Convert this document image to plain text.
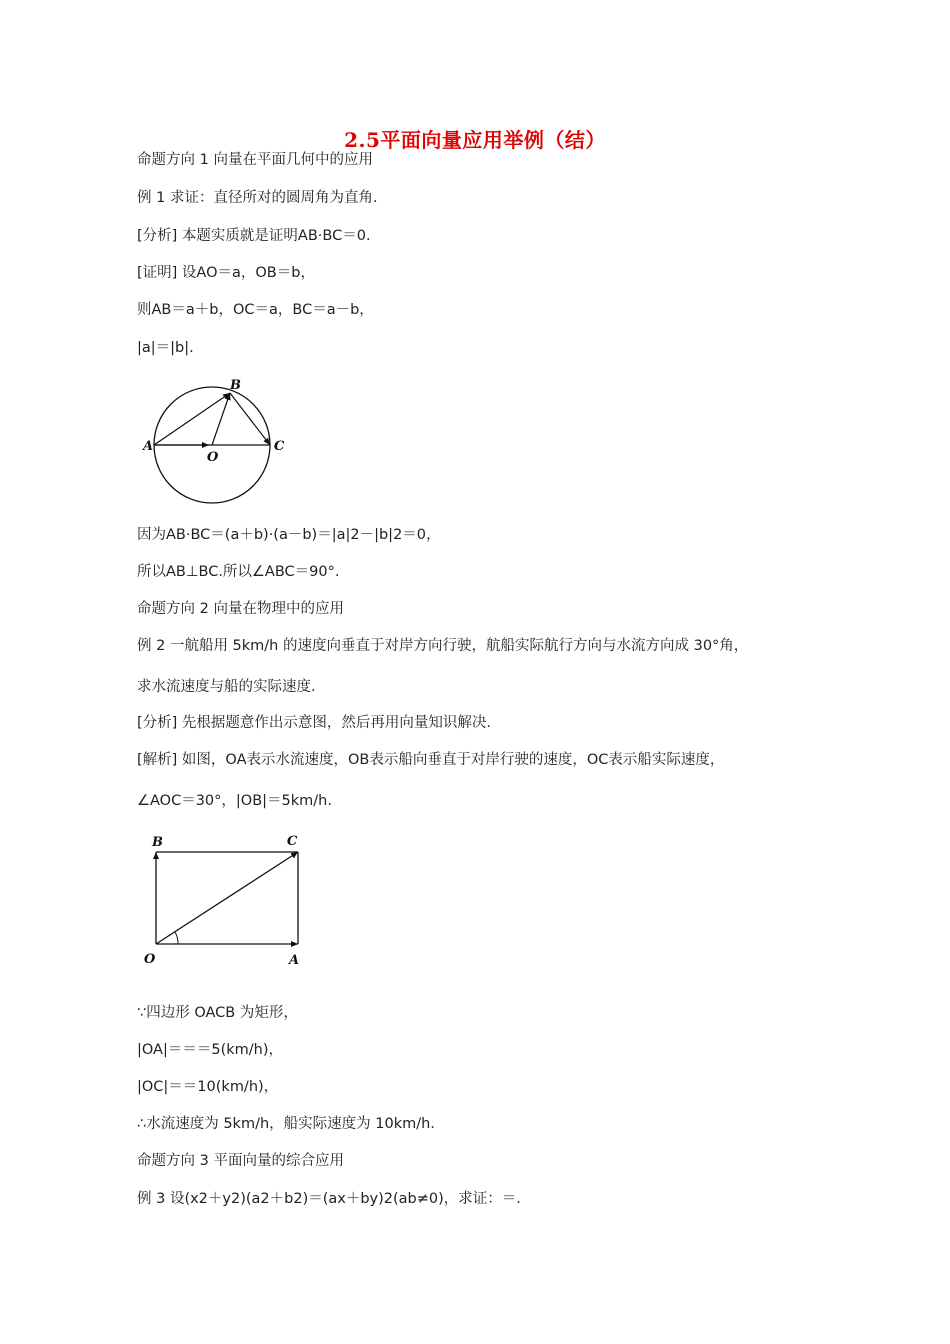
2.5平面向量应用举例（结）
命题方向 1 向量在平面几何中的应用
例 1 求证：直径所对的圆周角为直角.
[分析] 本题实质就是证明AB·BC＝0.
[证明] 设AO＝a，OB＝b，
则AB＝a＋b，OC＝a，BC＝a－b，
|a|＝|b|.
A
B
C
O
因为AB·BC＝(a＋b)·(a－b)＝|a|2－|b|2＝0，
所以AB⊥BC.所以∠ABC＝90°.
命题方向 2 向量在物理中的应用
例 2 一航船用 5km/h 的速度向垂直于对岸方向行驶，航船实际航行方向与水流方向成 30°角，
求水流速度与船的实际速度.
[分析] 先根据题意作出示意图，然后再用向量知识解决.
[解析] 如图，OA表示水流速度，OB表示船向垂直于对岸行驶的速度，OC表示船实际速度，
∠AOC＝30°，|OB|＝5km/h.
B	C
O	A
∵四边形 OACB 为矩形，
|OA|＝＝＝5(km/h)，
|OC|＝＝10(km/h)，
∴水流速度为 5km/h，船实际速度为 10km/h.
命题方向 3 平面向量的综合应用
例 3 设(x2＋y2)(a2＋b2)＝(ax＋by)2(ab≠0)，求证：＝.
